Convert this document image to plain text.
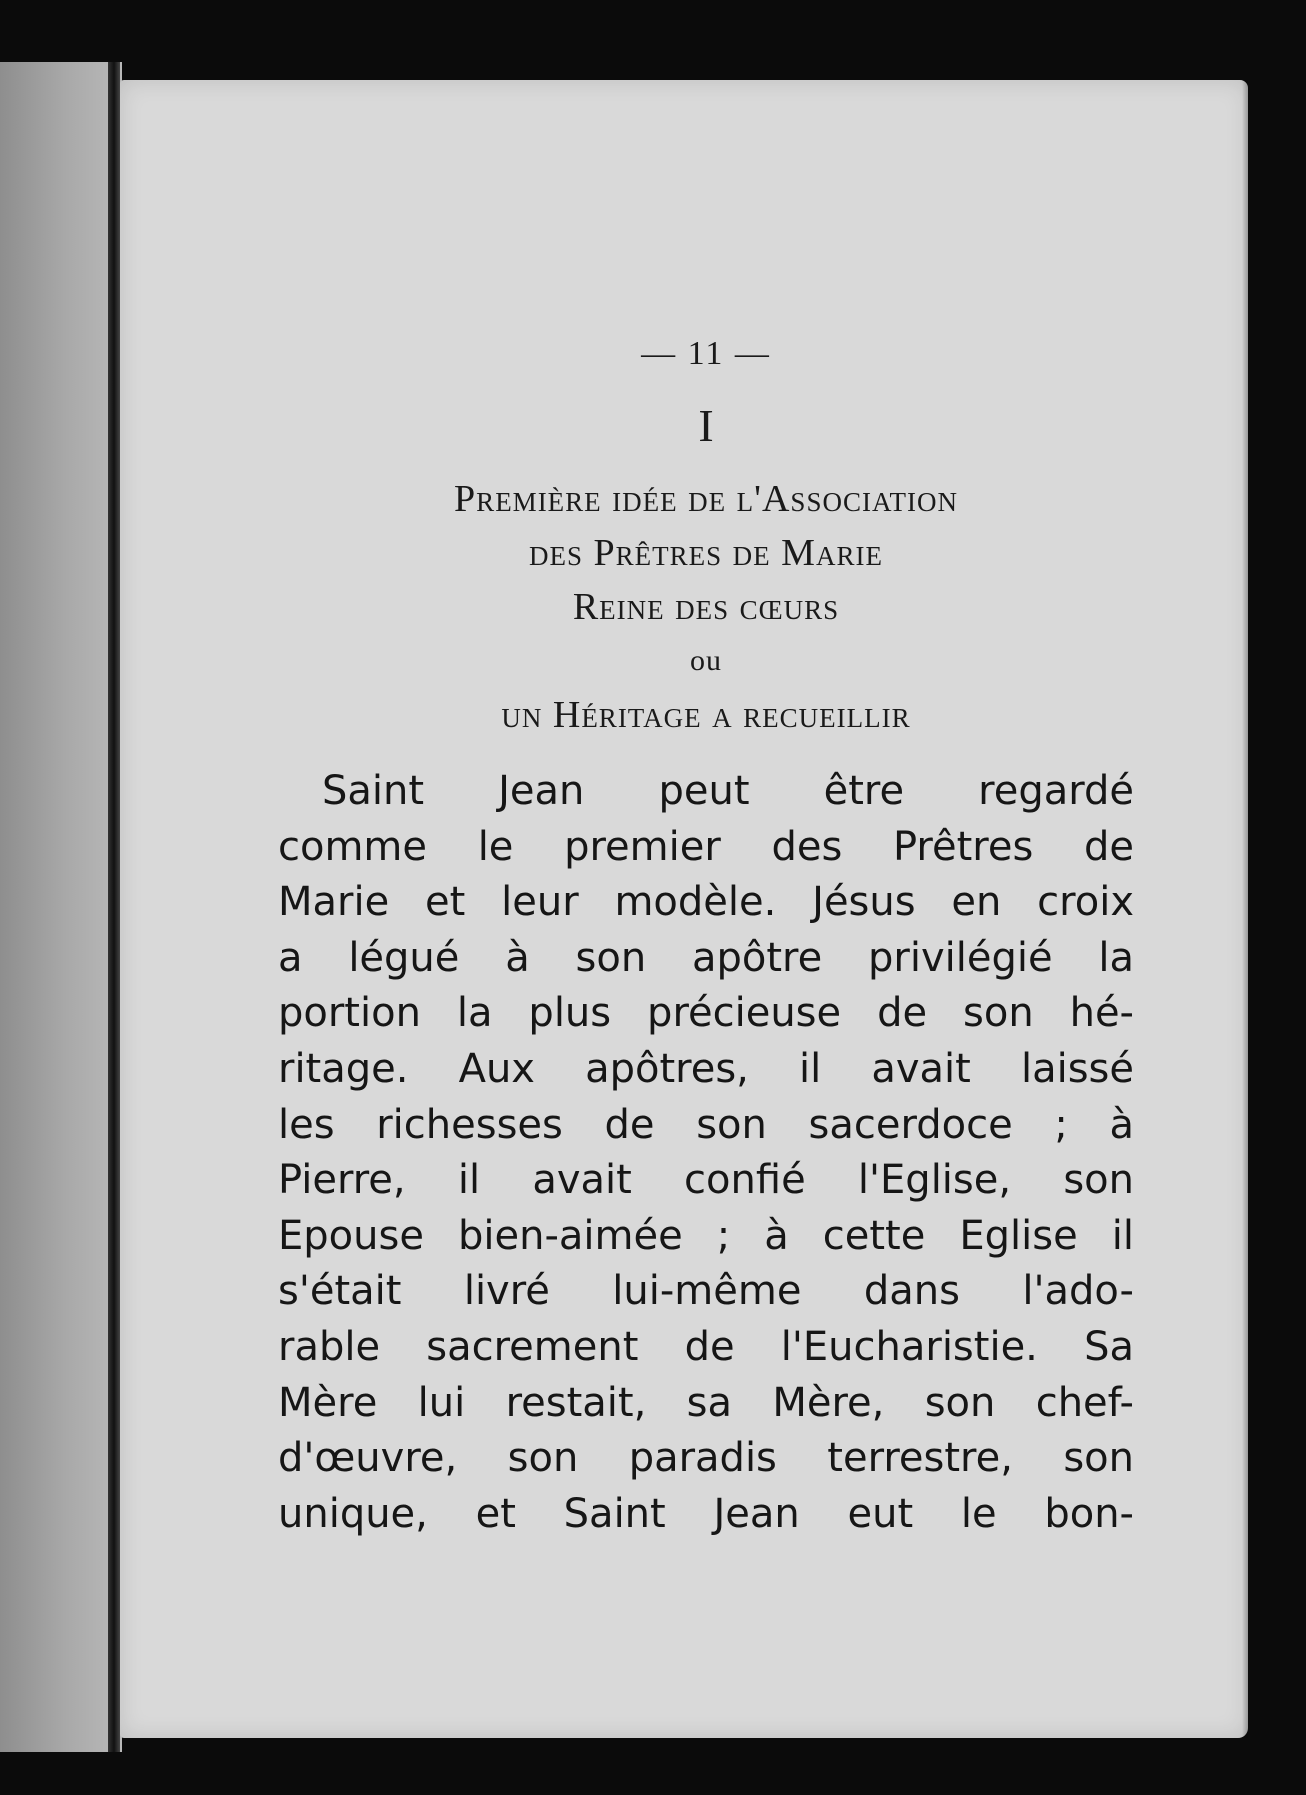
— 11 —
I
Première idée de l'Association
des Prêtres de Marie
Reine des cœurs
ou
un Héritage a recueillir
Saint Jean peut être regardé
comme le premier des Prêtres de
Marie et leur modèle. Jésus en croix
a légué à son apôtre privilégié la
portion la plus précieuse de son hé-
ritage. Aux apôtres, il avait laissé
les richesses de son sacerdoce ; à
Pierre, il avait confié l'Eglise, son
Epouse bien-aimée ; à cette Eglise il
s'était livré lui-même dans l'ado-
rable sacrement de l'Eucharistie. Sa
Mère lui restait, sa Mère, son chef-
d'œuvre, son paradis terrestre, son
unique, et Saint Jean eut le bon-
